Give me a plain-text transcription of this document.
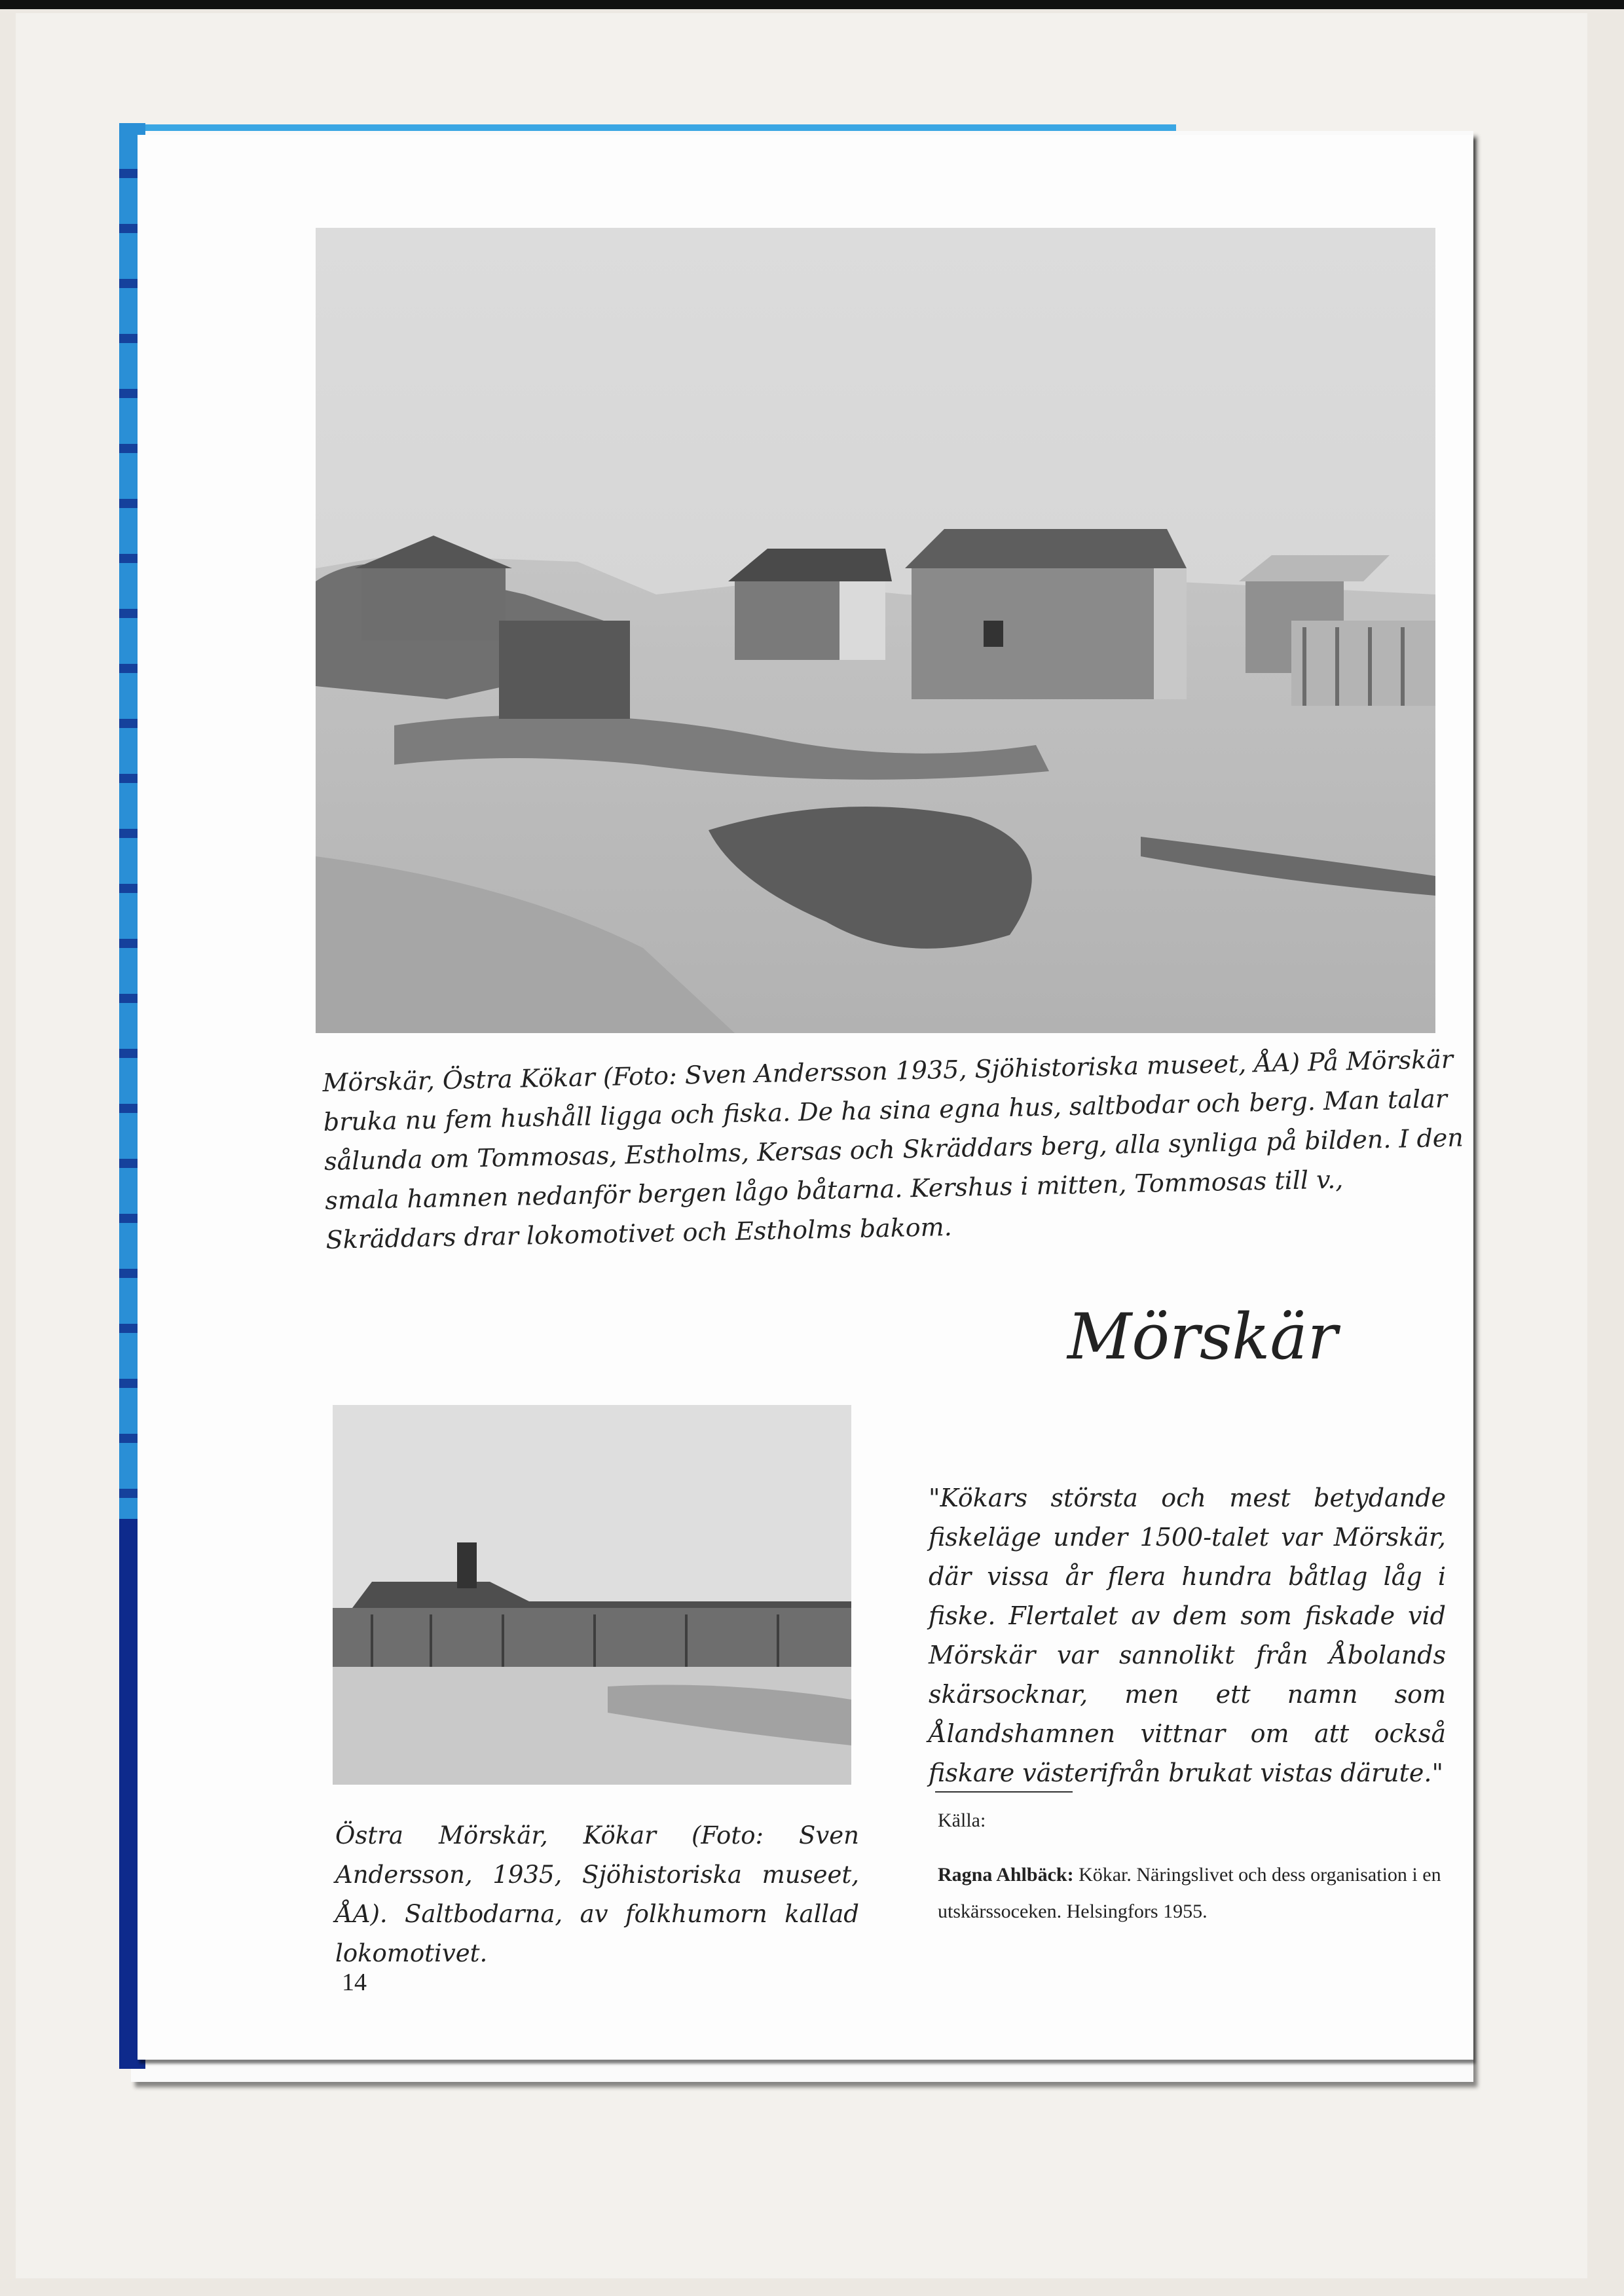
Mörskär, Östra Kökar (Foto: Sven Andersson 1935, Sjöhistoriska museet, ÅA) På Mörskär bruka nu fem hushåll ligga och fiska. De ha sina egna hus, saltbodar och berg. Man talar sålunda om Tommosas, Estholms, Kersas och Skräddars berg, alla synliga på bilden. I den smala hamnen nedanför bergen lågo båtarna. Kershus i mitten, Tommosas till v., Skräddars drar lokomotivet och Estholms bakom.
Mörskär
Östra Mörskär, Kökar (Foto: Sven Andersson, 1935, Sjöhistoriska museet, ÅA). Saltbodarna, av folkhumorn kallad lokomotivet.
"Kökars största och mest betydande fiskeläge under 1500-talet var Mörskär, där vissa år flera hundra båtlag låg i fiske. Flertalet av dem som fiskade vid Mörskär var sannolikt från Åbolands skärsocknar, men ett namn som Ålandshamnen vittnar om att också fiskare västerifrån brukat vistas därute."
Källa:
Ragna Ahlbäck: Kökar. Näringslivet och dess organisation i en utskärssoceken. Helsingfors 1955.
14
